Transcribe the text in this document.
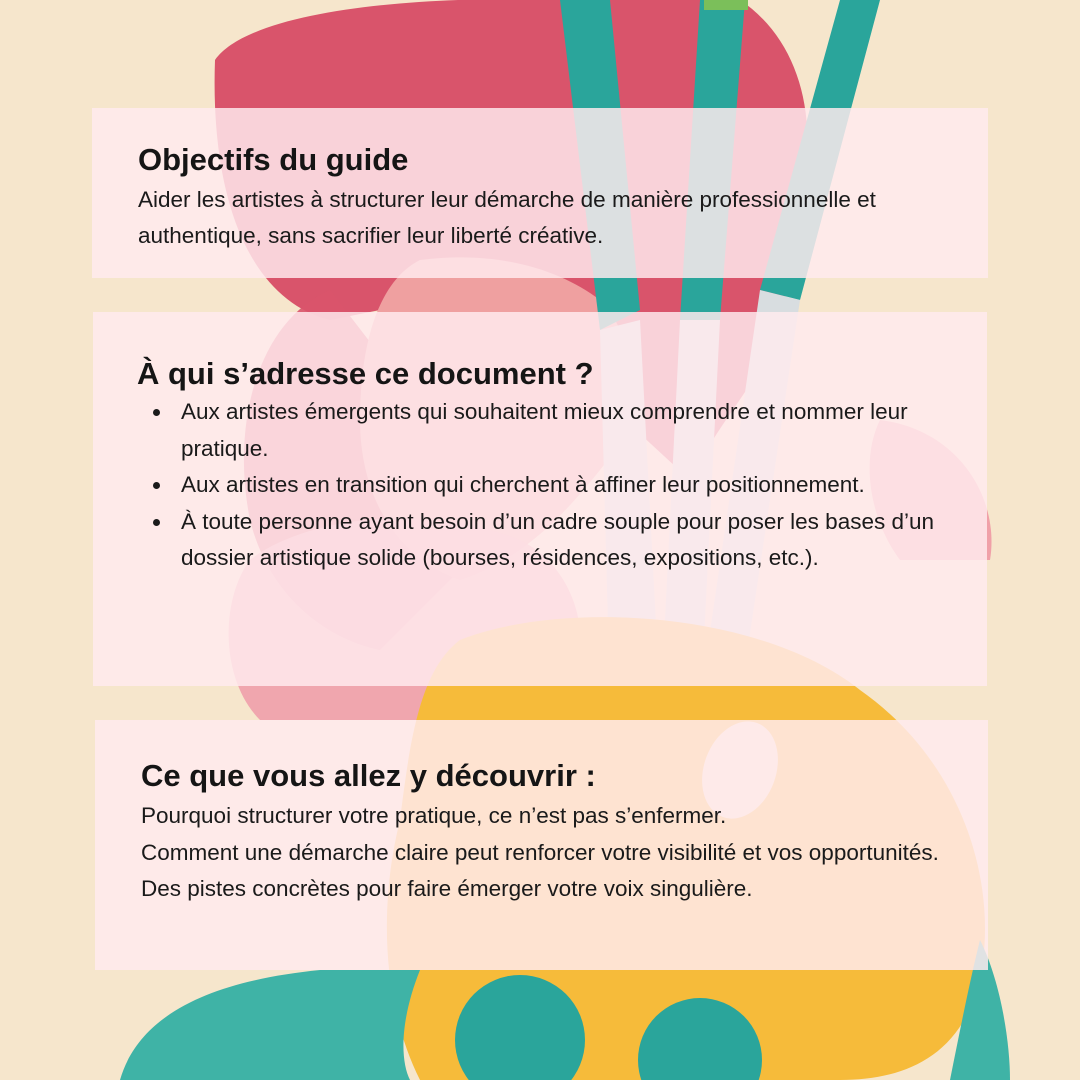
Objectifs du guide

Aider les artistes à structurer leur démarche de manière professionnelle et authentique, sans sacrifier leur liberté créative.

À qui s’adresse ce document ?
Aux artistes émergents qui souhaitent mieux comprendre et nommer leur pratique.
Aux artistes en transition qui cherchent à affiner leur positionnement.
À toute personne ayant besoin d’un cadre souple pour poser les bases d’un dossier artistique solide (bourses, résidences, expositions, etc.).
Ce que vous allez y découvrir :
Pourquoi structurer votre pratique, ce n’est pas s’enfermer.
Comment une démarche claire peut renforcer votre visibilité et vos opportunités.
Des pistes concrètes pour faire émerger votre voix singulière.
